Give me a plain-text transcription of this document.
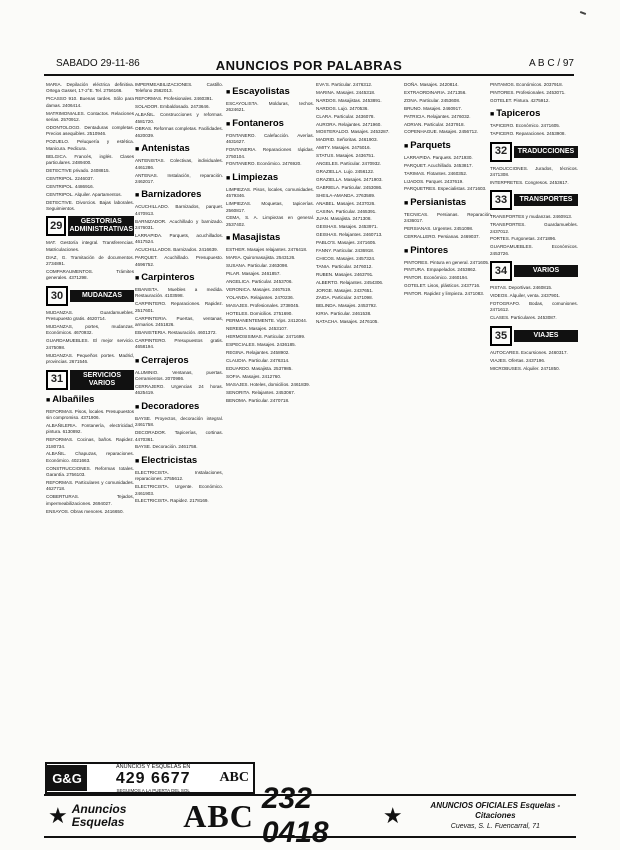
SABADO 29-11-86	ANUNCIOS POR PALABRAS	A B C / 97

MARIA. Depilación eléctrica definitiva. Ortega Gasset, 17-2°E. Tel. 2756166.

PICASSO 910. Buenas tardes. Sólo para damas. 2406414.

MATRIMONIALES. Contactos. Relaciones serias. 2570912.

ODONTOLOGO. Dentaduras completas. Precios asequibles. 2510946.

POZUELO. Peluquería y estética. Manicura. Pedicura.

BELGICA. Francés, inglés. Clases particulares. 2489400.

DETECTIVE privado. 2408815.

CENTRIPOL. 2246037.

CENTRIPOL. 4486916.

CENTRIPOL. Alquiler. Apartamentos.

DETECTIVE. Divorcios. Bajas laborales. Seguimientos.

29	GESTORIAS ADMINISTRATIVAS

MAT. Gestoría integral. Transferencias. Matriculaciones.

DIAZ, G. Tramitación de documentos. 2734891.

COMPARAUMENTOS. Trámites generales. 4371298.

30	MUDANZAS

MUDANZAS. Guardamuebles. Presupuesto gratis. 4620714.

MUDANZAS, portes, mudanzas. Económicos. 4670932.

GUARDAMUEBLES. El mejor servicio. 2475098.

MUDANZAS. Pequeños portes. Madrid, provincias. 2671546.

31	SERVICIOS VARIOS
■ Albañiles

REFORMAS. Pisos, locales. Presupuestos sin compromiso. 4371906.

ALBAÑILERIA. Fontanería, electricidad, pintura. 6130892.

REFORMAS. Cocinas, baños. Rapidez. 2180734.

ALBAÑIL. Chapuzas, reparaciones. Económico. 4021663.

CONSTRUCCIONES. Reformas totales. Garantía. 2756103.

REFORMAS. Particulares y comunidades. 4627718.

COBERTURAS. Tejados, impermeabilizaciones. 2694027.

ENSAYOS. Obras menores. 2416650.

IMPERMEABILIZACIONES. Castillo. Telefono 2562013.

REFORMAS. Profesionales. 2460391.

SOLADOR. Embaldosado. 2473646.

ALBAÑIL. Construcciones y reformas. 4581720.

OBRAS. Reformas completas. Facilidades. 4620039.

■ Antenistas

ANTENISTAS. Colectivas, individuales. 4461286.

ANTENAS. Instalación, reparación. 2462017.

■ Barnizadores

ACUCHILLADO. Barnizados, parquet. 4470913.

BARNIZADOR. Acuchillado y barnizado. 2476031.

LARRAPIDA. Parquets, acuchillados. 4617524.

ACUCHILLADOS. Barnizados. 2416639.

PARQUET. Acuchillado. Presupuesto. 4696752.

■ Carpinteros

EBANISTA. Muebles a medida. Restauración. 4103598.

CARPINTERO. Reparaciones. Rapidez. 2517601.

CARPINTERIA. Puertas, ventanas, armarios. 2451826.

EBANISTERIA. Restauración. 4601372.

CARPINTERO. Presupuestos gratis. 4658194.

■ Cerrajeros

ALUMINIO. Ventanas, puertas. Cerramientos. 2070986.

CERRAJERO. Urgencias 24 horas. 4625419.

■ Decoradores

BAYSE. Proyectos, decoración integral. 2461758.

DECORADOR. Tapicerías, cortinas. 4470361.

BAYSE. Decoración. 2461758.

■ Electricistas

ELECTRICISTA. Instalaciones, reparaciones. 2755612.

ELECTRICISTA. Urgente. Económico. 2461903.

ELECTRICISTA. Rapidez. 2178169.

■ Escayolistas

ESCAYOLISTA. Molduras, techos. 2624621.

■ Fontaneros

FONTANERO. Calefacción. Averías. 4631627.

FONTANERIA. Reparaciones rápidas. 2750104.

FONTANERO. Económico. 2476920.

■ Limpiezas

LIMPIEZAS. Pisos, locales, comunidades. 4579346.

LIMPIEZAS. Moquetas, tapicerías. 2560817.

CEMA, S. A. Limpiezas en general. 2537402.

■ Masajistas

ESTHER. Masajes relajantes. 2476418.

MARIA. Quiromasajista. 2543126.

SUSANA. Particular. 2463098.

PILAR. Masajes. 2461857.

ANGELICA. Particular. 2453706.

VERONICA. Masajes. 2467519.

YOLANDA. Relajantes. 2470236.

MASAJES. Profesionales. 2738045.

HOTELES. Domicilios. 2751690.

PERMANENTEMENTE. Vips. 2412044.

NEREIDA. Masajes. 2453107.

HERMOSISIMAS. Particular. 2471699.

ESPECIALES. Masajes. 2436185.

REGINA. Relajantes. 2458902.

CLAUDIA. Particular. 2476314.

EDUARDO. Masajista. 2537985.

SOFIA. Masajes. 2412760.

MASAJES. Hoteles, domicilios. 2461839.

SENORITA. Relajantes. 2453067.

BENOMA. Particular. 2470718.

EVA'S. Particular. 2476312.

MARINA. Masajes. 2445318.

NARDOS. Masajistas. 2453891.

NARDOS. Lujo. 2470536.

CLARA. Particular. 2436078.

AURORA. Relajantes. 2471960.

MOSTERALDO. Masajes. 2453287.

MADRID. Señoritas. 2461903.

AMITY. Masajes. 2475016.

STATUS. Masajes. 2436751.

ANGELES. Particular. 2470932.

GRAZIELLA. Lujo. 2456122.

GRAZIELLA. Masajes. 2471903.

GABRIELA. Particular. 2453086.

SHEILA-AMANDA. 2763589.

ANABEL. Masajes. 2437026.

CASINA. Particular. 2465391.

JUAN. Masajista. 2471308.

GEISHAS. Masajes. 2453971.

GEISHAS. Relajantes. 2460713.

PABLO'S. Masajes. 2471605.

FANNY. Particular. 2436918.

CHICOS. Masajes. 2457324.

TANIA. Particular. 2476012.

RUBEN. Masajes. 2463791.

ALBERTO. Relajantes. 2454306.

JORGE. Masajes. 2437651.

ZAIDA. Particular. 2471098.

BELINDA. Masajes. 2453792.

KIRIA. Particular. 2461538.

NATACHA. Masajes. 2476105.

DOÑA. Masajes. 2420814.

EXTRAORDINARIA. 2471356.

ZONA. Particular. 2453608.

BRUNO. Masajes. 2460917.

PATRICIA. Relajantes. 2476032.

ADRIAN. Particular. 2437918.

COPENHAGUE. Masajes. 2456712.

■ Parquets

LARRAPIDA. Parquets. 2471930.

PARQUET. Acuchillado. 2453817.

TARIMAS. Flotantes. 2460352.

LIJADOS. Parquet. 2437619.

PARQUETRES. Especialistas. 2471603.

■ Persianistas

TECNICAS. Persianas. Reparación. 2436017.

PERSIANAS. Urgentes. 2451098.

CERRALLERO. Persianas. 2469037.

■ Pintores

PINTORES. Pintura en general. 2471605.

PINTURA. Empapelados. 2453862.

PINTOR. Económico. 2460194.

GOTELET. Lisos, plásticos. 2437716.

PINTOR. Rapidez y limpieza. 2471083.

PINTAMOS. Económicos. 2037918.

PINTORES. Profesionales. 2453071.

GOTELET. Pintura. 4275912.

■ Tapiceros

TAPICERO. Económico. 2471605.

TAPICERO. Reparaciones. 2453908.

32	TRADUCCIONES

TRADUCCIONES. Jurados, técnicos. 2471308.

INTERPRETES. Congresos. 2453617.

33	TRANSPORTES

TRANSPORTES y mudanzas. 2460913.

TRANSPORTES. Guardamuebles. 2437012.

PORTES. Furgonetas. 2471896.

GUARDAMUEBLES. Económicos. 2453726.

34	VARIOS

PISTAS. Deportivas. 2460815.

VIDEOS. Alquiler, venta. 2437901.

FOTOGRAFO. Bodas, comuniones. 2471612.

CLASES. Particulares. 2453087.

35	VIAJES

AUTOCARES. Excursiones. 2460317.

VIAJES. Ofertas. 2437196.

MICROBUSES. Alquiler. 2471850.

G&G
ANUNCIOS Y ESQUELAS EN
429 6677
SEGUIMOS A LA PUERTA DEL SOL
ABC
★ Anuncios Esquelas	ABC 232 0418
★	ANUNCIOS OFICIALES Esquelas - Citaciones
Cuevas, S. L. Fuencarral, 71
